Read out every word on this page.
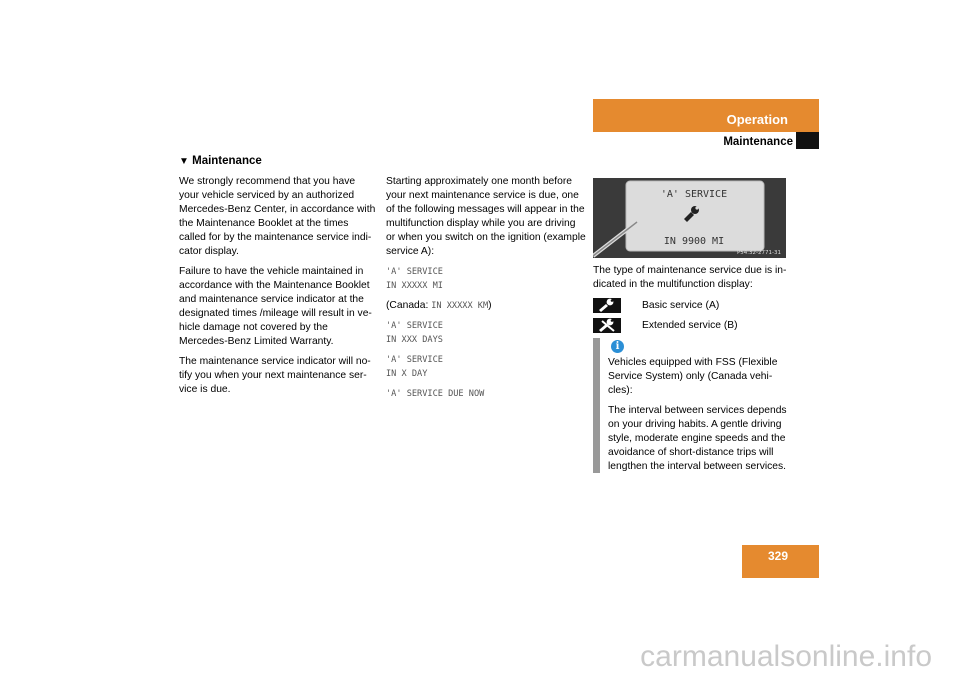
Operation
Maintenance
▼ Maintenance

We strongly recommend that you have your vehicle serviced by an authorized Mercedes-Benz Center, in accordance with the Maintenance Booklet at the times called for by the maintenance service indi-cator display.

Failure to have the vehicle maintained in accordance with the Maintenance Booklet and maintenance service indicator at the designated times /mileage will result in ve-hicle damage not covered by the Mercedes-Benz Limited Warranty.

The maintenance service indicator will no-tify you when your next maintenance ser-vice is due.

Starting approximately one month before your next maintenance service is due, one of the following messages will appear in the multifunction display while you are driving or when you switch on the ignition (example service A):

'A' SERVICE
IN XXXXX MI

(Canada: IN XXXXX KM)

'A' SERVICE
IN XXX DAYS
'A' SERVICE
IN X DAY
'A' SERVICE DUE NOW
'A' SERVICE
IN 9900 MI
P54.32-2771-31

The type of maintenance service due is in-dicated in the multifunction display:

Basic service (A)
Extended service (B)
i

Vehicles equipped with FSS (Flexible Service System) only (Canada vehi-cles):

The interval between services depends on your driving habits. A gentle driving style, moderate engine speeds and the avoidance of short-distance trips will lengthen the interval between services.

329
carmanualsonline.info
